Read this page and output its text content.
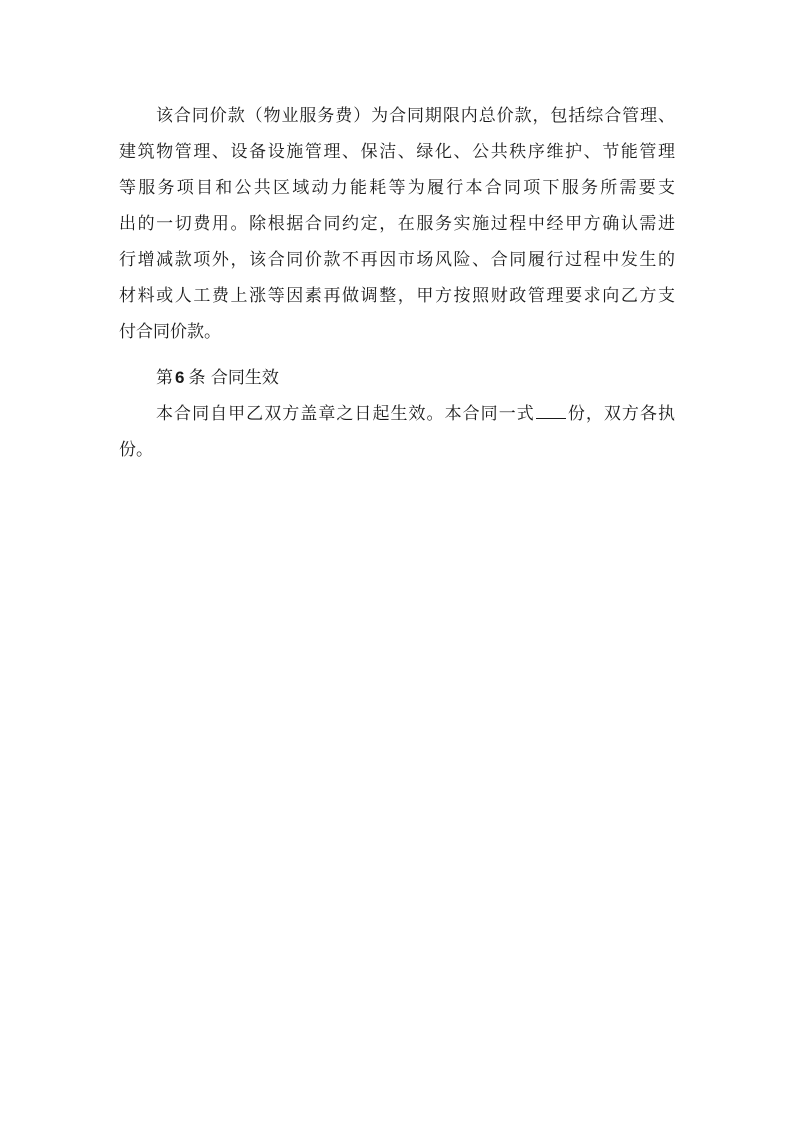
该合同价款（物业服务费）为合同期限内总价款，包括综合管理、
建筑物管理、设备设施管理、保洁、绿化、公共秩序维护、节能管理
等服务项目和公共区域动力能耗等为履行本合同项下服务所需要支
出的一切费用。除根据合同约定，在服务实施过程中经甲方确认需进
行增减款项外，该合同价款不再因市场风险、合同履行过程中发生的
材料或人工费上涨等因素再做调整，甲方按照财政管理要求向乙方支
付合同价款。
第 6 条 合同生效
本合同自甲乙双方盖章之日起生效。本合同一式 份，双方各执
份。
